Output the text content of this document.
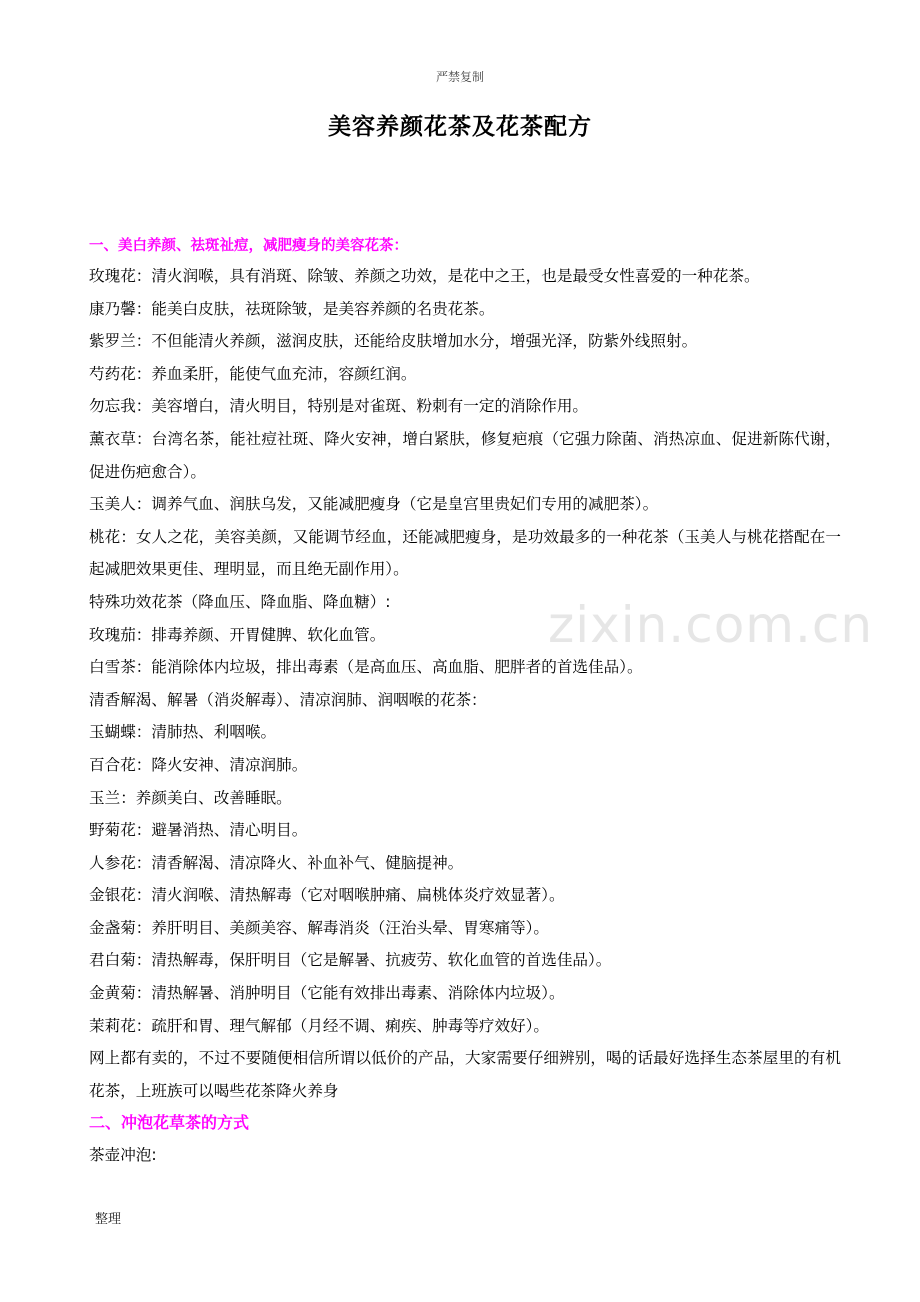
严禁复制
美容养颜花茶及花茶配方
zixin.com.cn
一、美白养颜、祛斑祉痘，减肥瘦身的美容花茶：
玫瑰花：清火润喉，具有消斑、除皱、养颜之功效，是花中之王，也是最受女性喜爱的一种花茶。
康乃馨：能美白皮肤，祛斑除皱，是美容养颜的名贵花茶。
紫罗兰：不但能清火养颜，滋润皮肤，还能给皮肤增加水分，增强光泽，防紫外线照射。
芍药花：养血柔肝，能使气血充沛，容颜红润。
勿忘我：美容增白，清火明目，特别是对雀斑、粉刺有一定的消除作用。
薰衣草：台湾名茶，能社痘社斑、降火安神，增白紧肤，修复疤痕（它强力除菌、消热凉血、促进新陈代谢，促进伤疤愈合）。
玉美人：调养气血、润肤乌发，又能减肥瘦身（它是皇宫里贵妃们专用的减肥茶）。
桃花：女人之花，美容美颜，又能调节经血，还能减肥瘦身，是功效最多的一种花茶（玉美人与桃花搭配在一起减肥效果更佳、理明显，而且绝无副作用）。
特殊功效花茶（降血压、降血脂、降血糖）:
玫瑰茄：排毒养颜、开胃健脾、软化血管。
白雪茶：能消除体内垃圾，排出毒素（是高血压、高血脂、肥胖者的首选佳品）。
清香解渴、解暑（消炎解毒）、清凉润肺、润咽喉的花茶：
玉蝴蝶：清肺热、利咽喉。
百合花：降火安神、清凉润肺。
玉兰：养颜美白、改善睡眠。
野菊花：避暑消热、清心明目。
人参花：清香解渴、清凉降火、补血补气、健脑提神。
金银花：清火润喉、清热解毒（它对咽喉肿痛、扁桃体炎疗效显著）。
金盏菊：养肝明目、美颜美容、解毒消炎（汪治头晕、胃寒痛等）。
君白菊：清热解毒，保肝明目（它是解暑、抗疲劳、软化血管的首选佳品）。
金黄菊：清热解暑、消肿明目（它能有效排出毒素、消除体内垃圾）。
茉莉花：疏肝和胃、理气解郁（月经不调、痢疾、肿毒等疗效好）。
网上都有卖的，不过不要随便相信所谓以低价的产品，大家需要仔细辨别，喝的话最好选择生态茶屋里的有机花茶，上班族可以喝些花茶降火养身
二、冲泡花草茶的方式
茶壶冲泡:
整理
